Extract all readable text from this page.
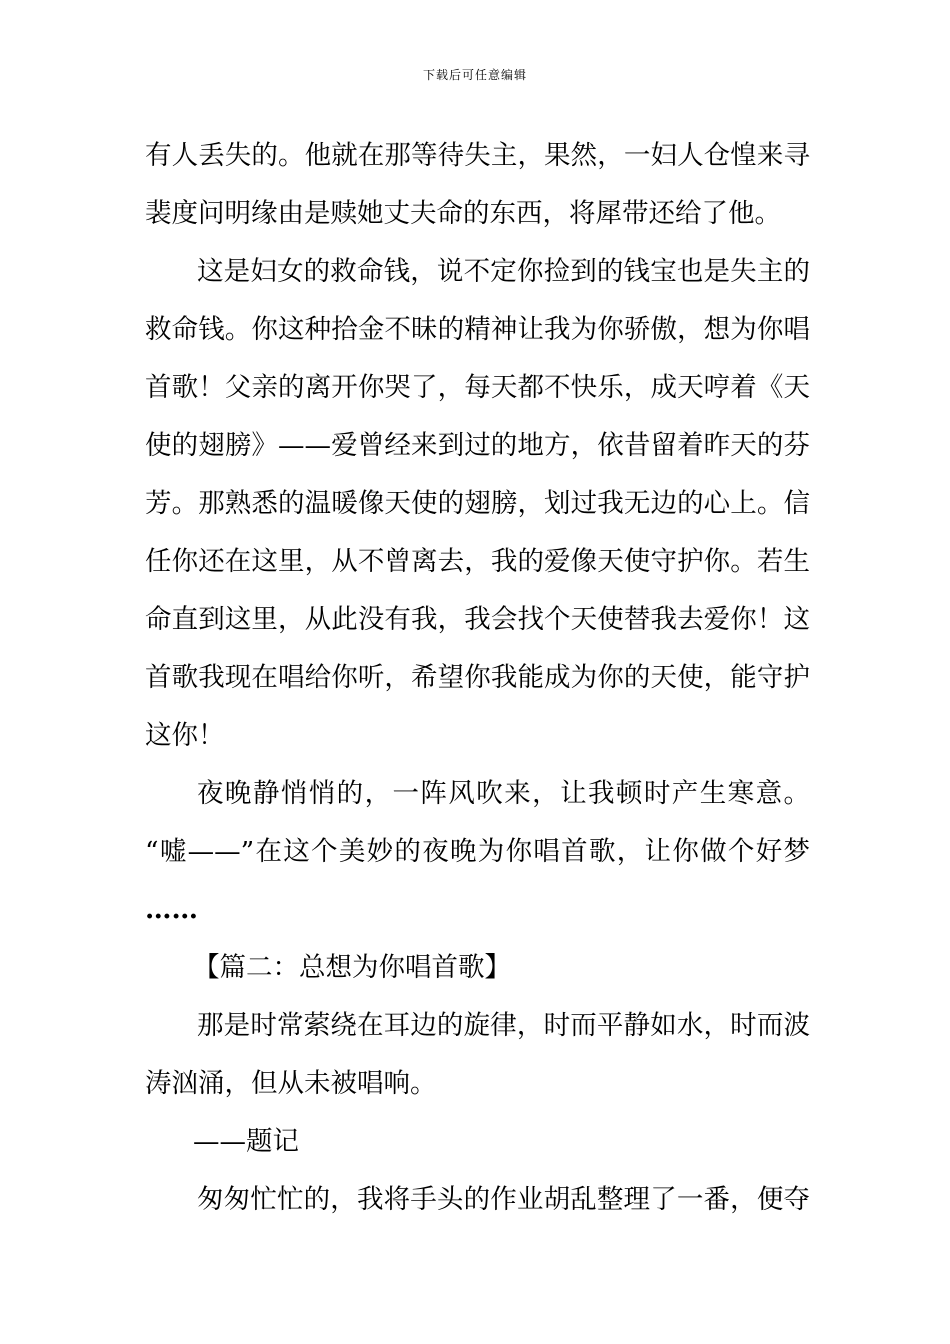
下载后可任意编辑
有人丢失的。他就在那等待失主，果然，一妇人仓惶来寻
裴度问明缘由是赎她丈夫命的东西，将犀带还给了他。
这是妇女的救命钱，说不定你捡到的钱宝也是失主的
救命钱。你这种拾金不昧的精神让我为你骄傲，想为你唱
首歌！父亲的离开你哭了，每天都不快乐，成天哼着《天
使的翅膀》——爱曾经来到过的地方，依昔留着昨天的芬
芳。那熟悉的温暖像天使的翅膀，划过我无边的心上。信
任你还在这里，从不曾离去，我的爱像天使守护你。若生
命直到这里，从此没有我，我会找个天使替我去爱你！这
首歌我现在唱给你听，希望你我能成为你的天使，能守护
这你！
夜晚静悄悄的，一阵风吹来，让我顿时产生寒意。
“嘘——”在这个美妙的夜晚为你唱首歌，让你做个好梦
……
【篇二：总想为你唱首歌】
那是时常萦绕在耳边的旋律，时而平静如水，时而波
涛汹涌，但从未被唱响。
——题记
匆匆忙忙的，我将手头的作业胡乱整理了一番，便夺
